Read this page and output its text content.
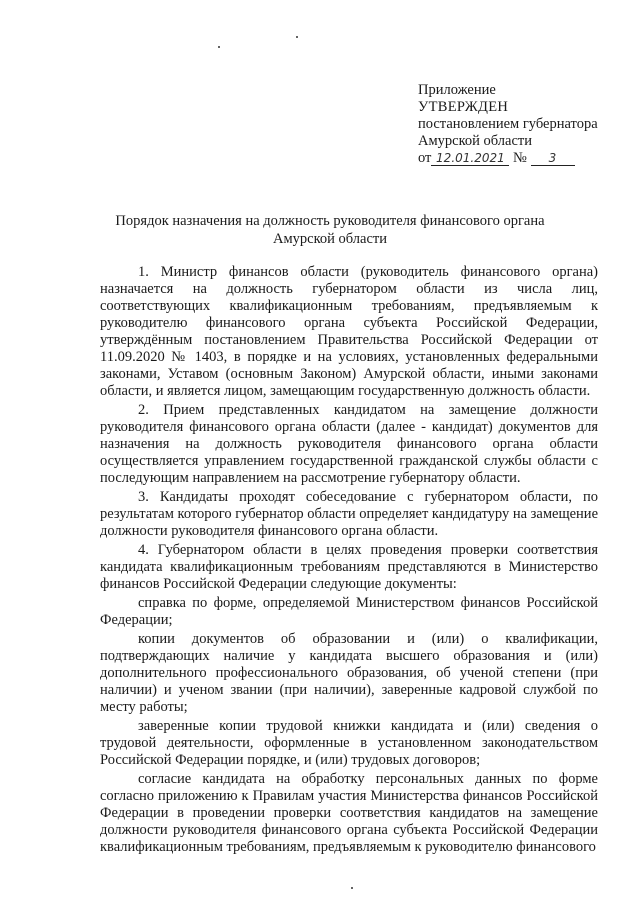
Приложение
УТВЕРЖДЕН
постановлением губернатора
Амурской области
от 12.01.2021 № 3
Порядок назначения на должность руководителя финансового органа
Амурской области

1. Министр финансов области (руководитель финансового органа) назначается на должность губернатором области из числа лиц, соответствующих квалификационным требованиям, предъявляемым к руководителю финансового органа субъекта Российской Федерации, утверждённым постановлением Правительства Российской Федерации от 11.09.2020 № 1403, в порядке и на условиях, установленных федеральными законами, Уставом (основным Законом) Амурской области, иными законами области, и является лицом, замещающим государственную должность области.

2. Прием представленных кандидатом на замещение должности руководителя финансового органа области (далее - кандидат) документов для назначения на должность руководителя финансового органа области осуществляется управлением государственной гражданской службы области с последующим направлением на рассмотрение губернатору области.

3. Кандидаты проходят собеседование с губернатором области, по результатам которого губернатор области определяет кандидатуру на замещение должности руководителя финансового органа области.

4. Губернатором области в целях проведения проверки соответствия кандидата квалификационным требованиям представляются в Министерство финансов Российской Федерации следующие документы:

справка по форме, определяемой Министерством финансов Российской Федерации;

копии документов об образовании и (или) о квалификации, подтверждающих наличие у кандидата высшего образования и (или) дополнительного профессионального образования, об ученой степени (при наличии) и ученом звании (при наличии), заверенные кадровой службой по месту работы;

заверенные копии трудовой книжки кандидата и (или) сведения о трудовой деятельности, оформленные в установленном законодательством Российской Федерации порядке, и (или) трудовых договоров;

согласие кандидата на обработку персональных данных по форме согласно приложению к Правилам участия Министерства финансов Российской Федерации в проведении проверки соответствия кандидатов на замещение должности руководителя финансового органа субъекта Российской Федерации квалификационным требованиям, предъявляемым к руководителю финансового
